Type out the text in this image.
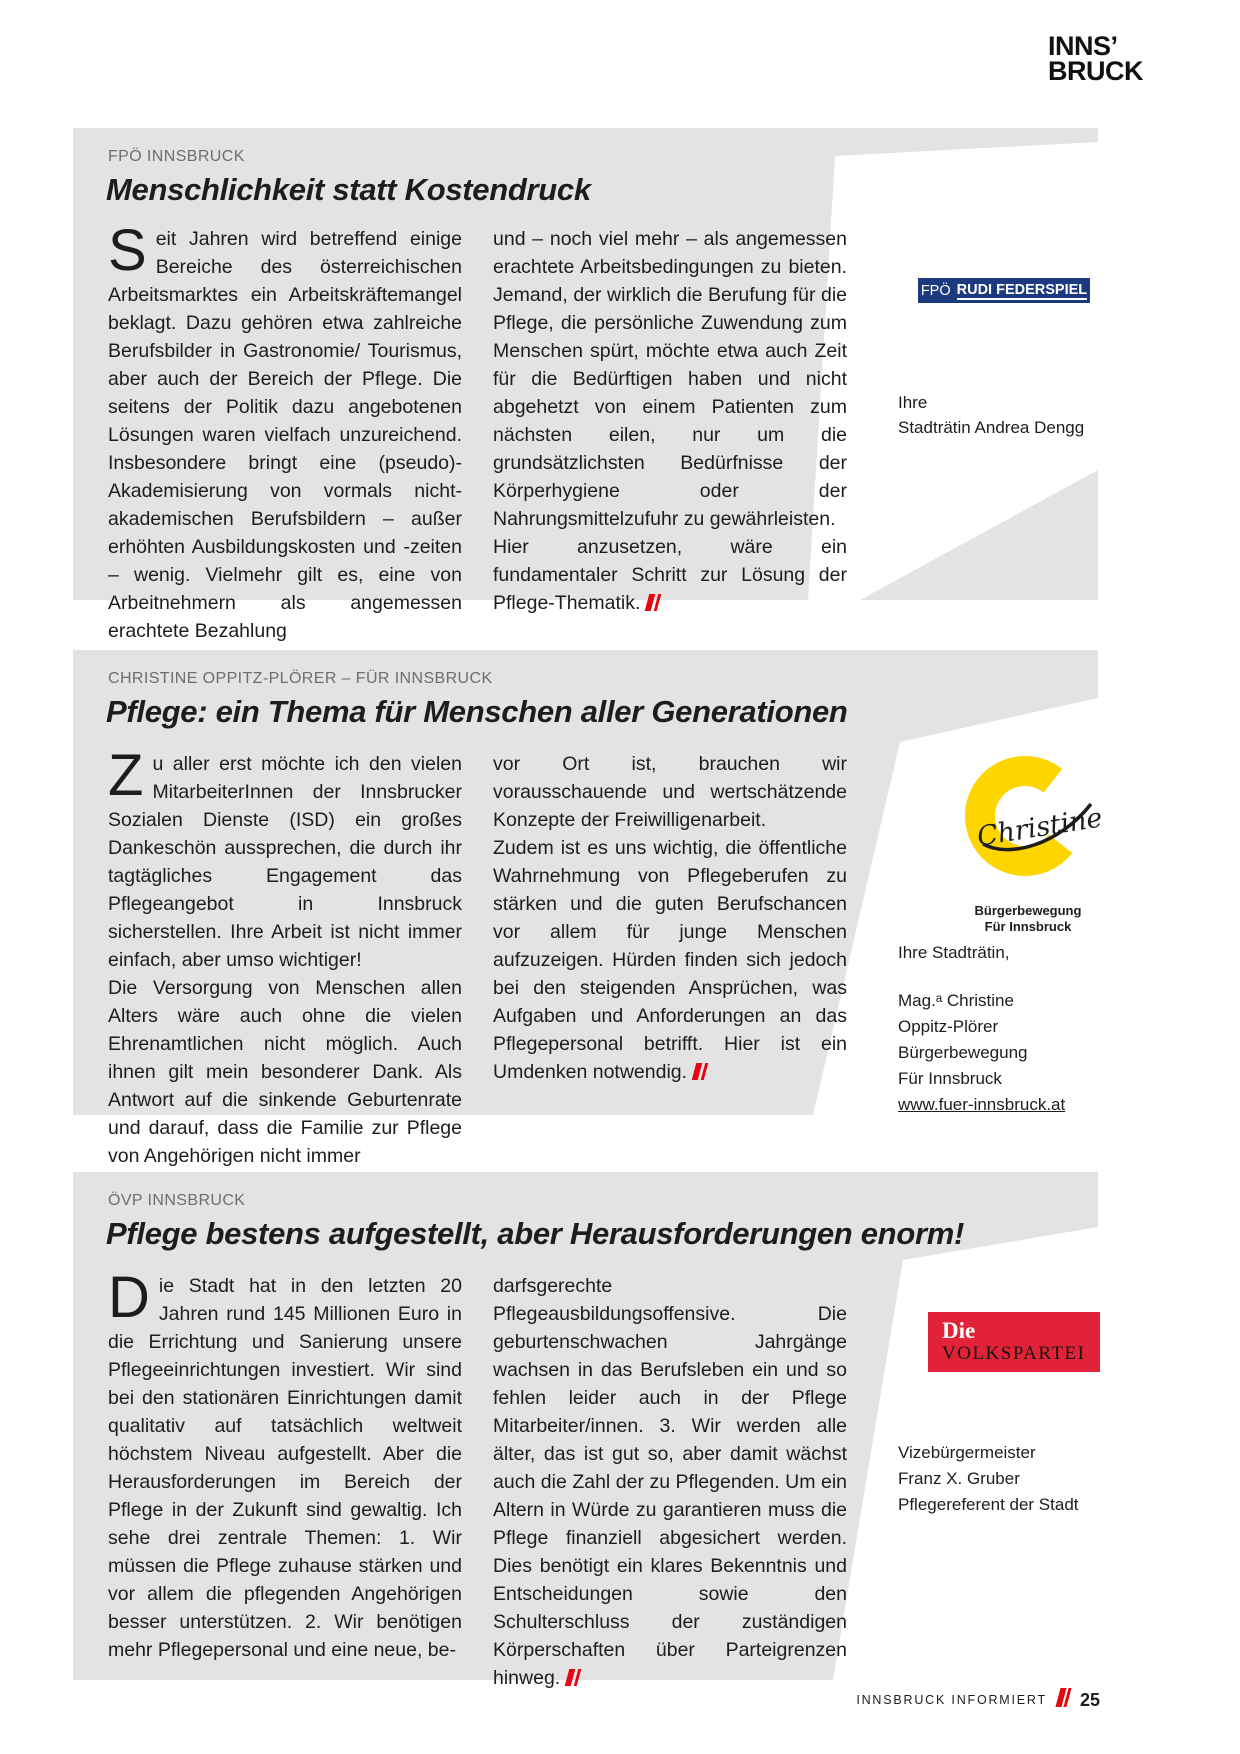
INNS’
BRUCK
FPÖ INNSBRUCK
Menschlichkeit statt Kostendruck

Seit Jahren wird betreffend einige Bereiche des österreichischen Arbeitsmarktes ein Arbeitskräftemangel beklagt. Dazu gehören etwa zahlreiche Berufsbilder in Gastronomie/ Tourismus, aber auch der Bereich der Pflege. Die seitens der Politik dazu angebotenen Lösungen waren vielfach unzureichend. Insbesondere bringt eine (pseudo)-Akademisierung von vormals nicht-akademischen Berufsbildern – außer erhöhten Ausbildungskosten und -zeiten – wenig. Vielmehr gilt es, eine von Arbeitnehmern als angemessen erachtete Bezahlung

und – noch viel mehr – als angemessen erachtete Arbeitsbedingungen zu bieten. Jemand, der wirklich die Berufung für die Pflege, die persönliche Zuwendung zum Menschen spürt, möchte etwa auch Zeit für die Bedürftigen haben und nicht abgehetzt von einem Patienten zum nächsten eilen, nur um die grundsätzlichsten Bedürfnisse der Körperhygiene oder der Nahrungsmittelzufuhr zu gewährleisten.

Hier anzusetzen, wäre ein fundamentaler Schritt zur Lösung der Pflege-Thematik.

FPÖ RUDI FEDERSPIEL
Ihre
Stadträtin Andrea Dengg
CHRISTINE OPPITZ-PLÖRER – FÜR INNSBRUCK
Pflege: ein Thema für Menschen aller Generationen

Zu aller erst möchte ich den vielen MitarbeiterInnen der Innsbrucker Sozialen Dienste (ISD) ein großes Dankeschön aussprechen, die durch ihr tagtägliches Engagement das Pflegeangebot in Innsbruck sicherstellen. Ihre Arbeit ist nicht immer einfach, aber umso wichtiger!

Die Versorgung von Menschen allen Alters wäre auch ohne die vielen Ehrenamtlichen nicht möglich. Auch ihnen gilt mein besonderer Dank. Als Antwort auf die sinkende Geburtenrate und darauf, dass die Familie zur Pflege von Angehörigen nicht immer

vor Ort ist, brauchen wir vorausschauende und wertschätzende Konzepte der Freiwilligenarbeit.

Zudem ist es uns wichtig, die öffentliche Wahrnehmung von Pflegeberufen zu stärken und die guten Berufschancen vor allem für junge Menschen aufzuzeigen. Hürden finden sich jedoch bei den steigenden Ansprüchen, was Aufgaben und Anforderungen an das Pflegepersonal betrifft. Hier ist ein Umdenken notwendig.

Christine
Bürgerbewegung
Für Innsbruck
Ihre Stadträtin,
Mag.ᵃ Christine
Oppitz-Plörer
Bürgerbewegung
Für Innsbruck
www.fuer-innsbruck.at
ÖVP INNSBRUCK
Pflege bestens aufgestellt, aber Herausforderungen enorm!

Die Stadt hat in den letzten 20 Jahren rund 145 Millionen Euro in die Errichtung und Sanierung unsere Pflegeeinrichtungen investiert. Wir sind bei den stationären Einrichtungen damit qualitativ auf tatsächlich weltweit höchstem Niveau aufgestellt. Aber die Herausforderungen im Bereich der Pflege in der Zukunft sind gewaltig. Ich sehe drei zentrale Themen: 1. Wir müssen die Pflege zuhause stärken und vor allem die pflegenden Angehörigen besser unterstützen. 2. Wir benötigen mehr Pflegepersonal und eine neue, be-

darfsgerechte Pflegeausbildungsoffensive. Die geburtenschwachen Jahrgänge wachsen in das Berufsleben ein und so fehlen leider auch in der Pflege Mitarbeiter/innen. 3. Wir werden alle älter, das ist gut so, aber damit wächst auch die Zahl der zu Pflegenden. Um ein Altern in Würde zu garantieren muss die Pflege finanziell abgesichert werden. Dies benötigt ein klares Bekenntnis und Entscheidungen sowie den Schulterschluss der zuständigen Körperschaften über Parteigrenzen hinweg.

Die
VOLKSPARTEI
Vizebürgermeister
Franz X. Gruber
Pflegereferent der Stadt
INNSBRUCK INFORMIERT 25
